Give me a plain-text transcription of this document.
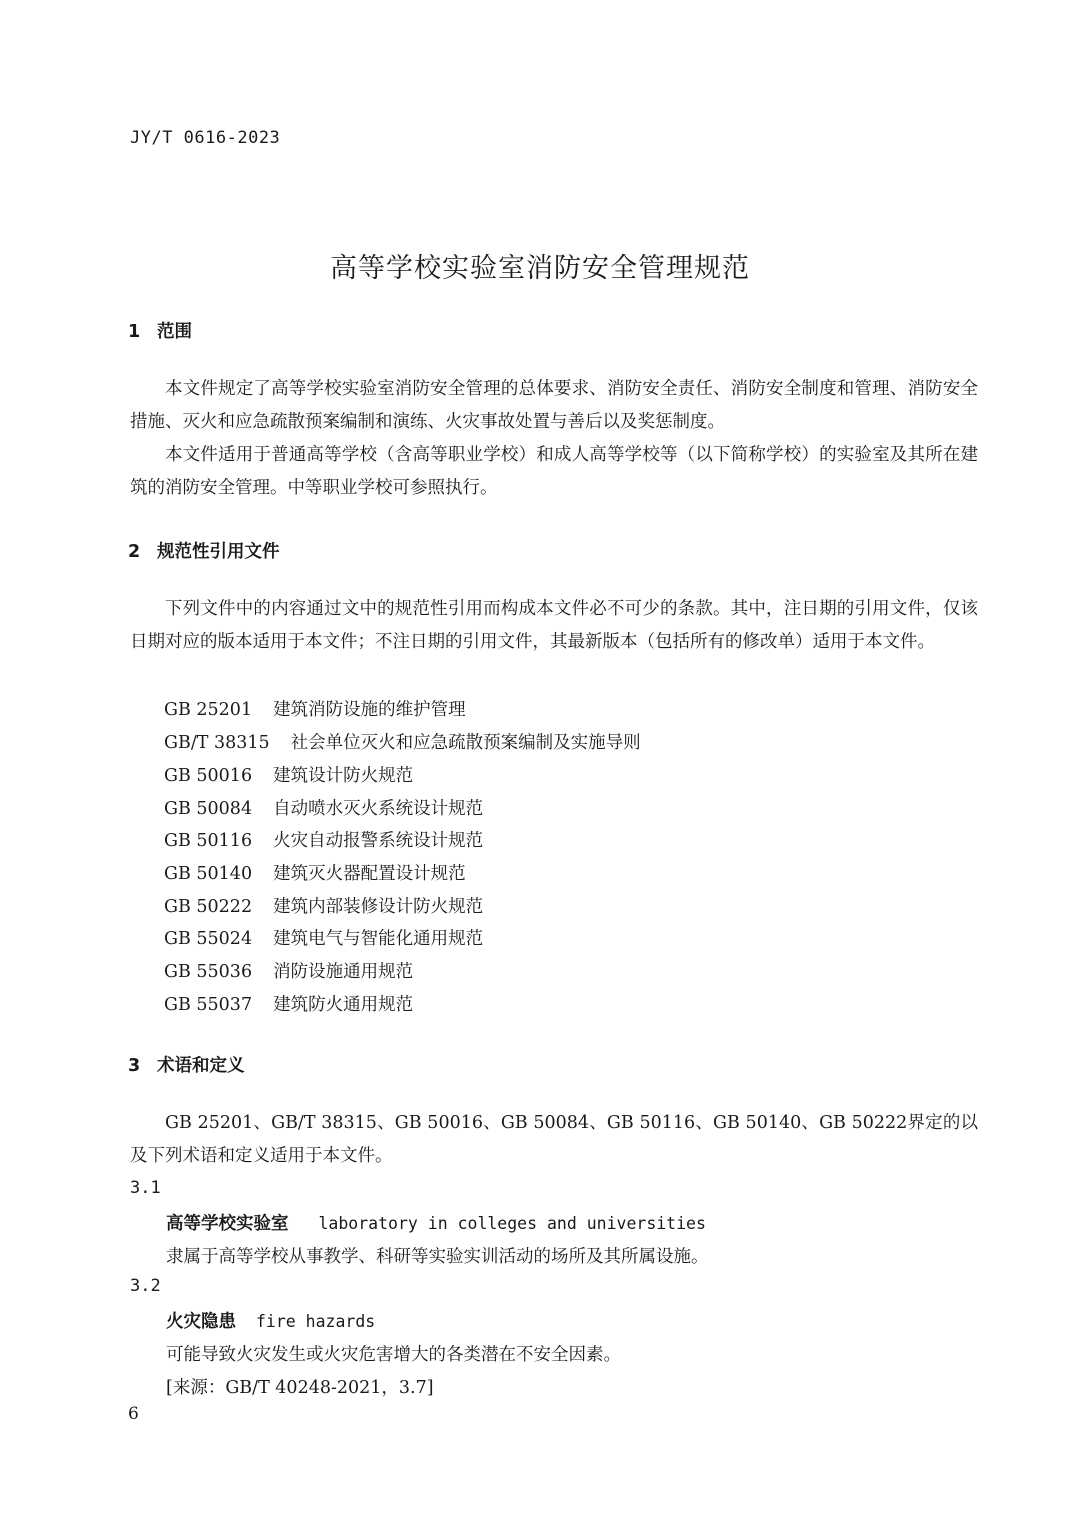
JY/T 0616-2023
高等学校实验室消防安全管理规范
1 范围
本文件规定了高等学校实验室消防安全管理的总体要求、消防安全责任、消防安全制度和管理、消防安全措施、灭火和应急疏散预案编制和演练、火灾事故处置与善后以及奖惩制度。
本文件适用于普通高等学校（含高等职业学校）和成人高等学校等（以下简称学校）的实验室及其所在建筑的消防安全管理。中等职业学校可参照执行。
2 规范性引用文件
下列文件中的内容通过文中的规范性引用而构成本文件必不可少的条款。其中，注日期的引用文件，仅该日期对应的版本适用于本文件；不注日期的引用文件，其最新版本（包括所有的修改单）适用于本文件。
GB 25201 建筑消防设施的维护管理
GB/T 38315 社会单位灭火和应急疏散预案编制及实施导则
GB 50016 建筑设计防火规范
GB 50084 自动喷水灭火系统设计规范
GB 50116 火灾自动报警系统设计规范
GB 50140 建筑灭火器配置设计规范
GB 50222 建筑内部装修设计防火规范
GB 55024 建筑电气与智能化通用规范
GB 55036 消防设施通用规范
GB 55037 建筑防火通用规范
3 术语和定义
GB 25201、GB/T 38315、GB 50016、GB 50084、GB 50116、GB 50140、GB 50222界定的以及下列术语和定义适用于本文件。
3.1
高等学校实验室 laboratory in colleges and universities
隶属于高等学校从事教学、科研等实验实训活动的场所及其所属设施。
3.2
火灾隐患 fire hazards
可能导致火灾发生或火灾危害增大的各类潜在不安全因素。
[来源：GB/T 40248-2021，3.7]
6
